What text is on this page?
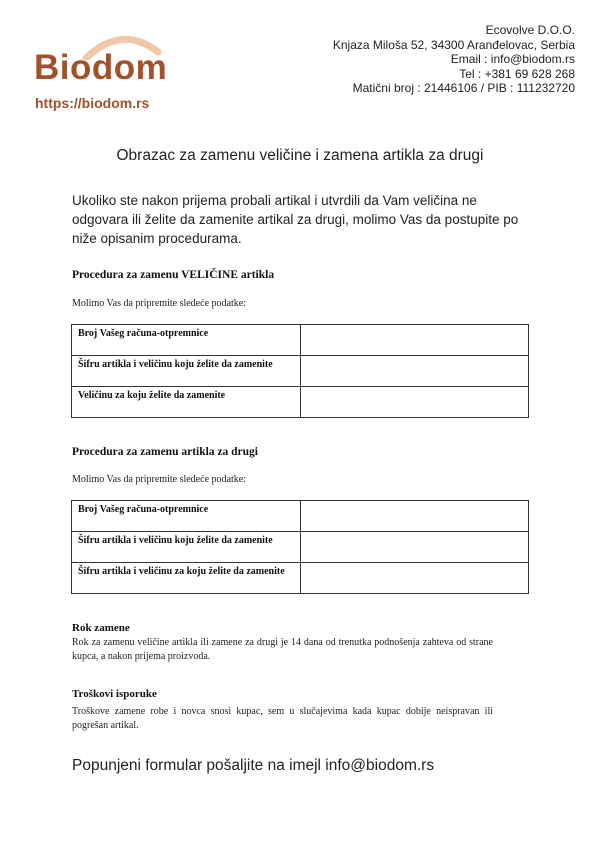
Biodom
https://biodom.rs
Ecovolve D.O.O.
Knjaza Miloša 52, 34300 Aranđelovac, Serbia
Email : info@biodom.rs
Tel : +381 69 628 268
Matični broj : 21446106 / PIB : 111232720
Obrazac za zamenu veličine i zamena artikla za drugi
Ukoliko ste nakon prijema probali artikal i utvrdili da Vam veličina ne odgovara ili želite da zamenite artikal za drugi, molimo Vas da postupite po niže opisanim procedurama.
Procedura za zamenu VELIČINE artikla
Molimo Vas da pripremite sledeće podatke:
Broj Vašeg računa-otpremnice	
Šifru artikla i veličinu koju želite da zamenite	
Veličinu za koju želite da zamenite	
Procedura za zamenu artikla za drugi
Molimo Vas da pripremite sledeće podatke:
Broj Vašeg računa-otpremnice	
Šifru artikla i veličinu koju želite da zamenite	
Šifru artikla i veličinu za koju želite da zamenite	
Rok zamene
Rok za zamenu veličine artikla ili zamene za drugi je 14 dana od trenutka podnošenja zahteva od strane kupca, a nakon prijema proizvoda.
Troškovi isporuke
Troškove zamene robe i novca snosi kupac, sem u slučajevima kada kupac dobije neispravan ili pogrešan artikal.
Popunjeni formular pošaljite na imejl info@biodom.rs
